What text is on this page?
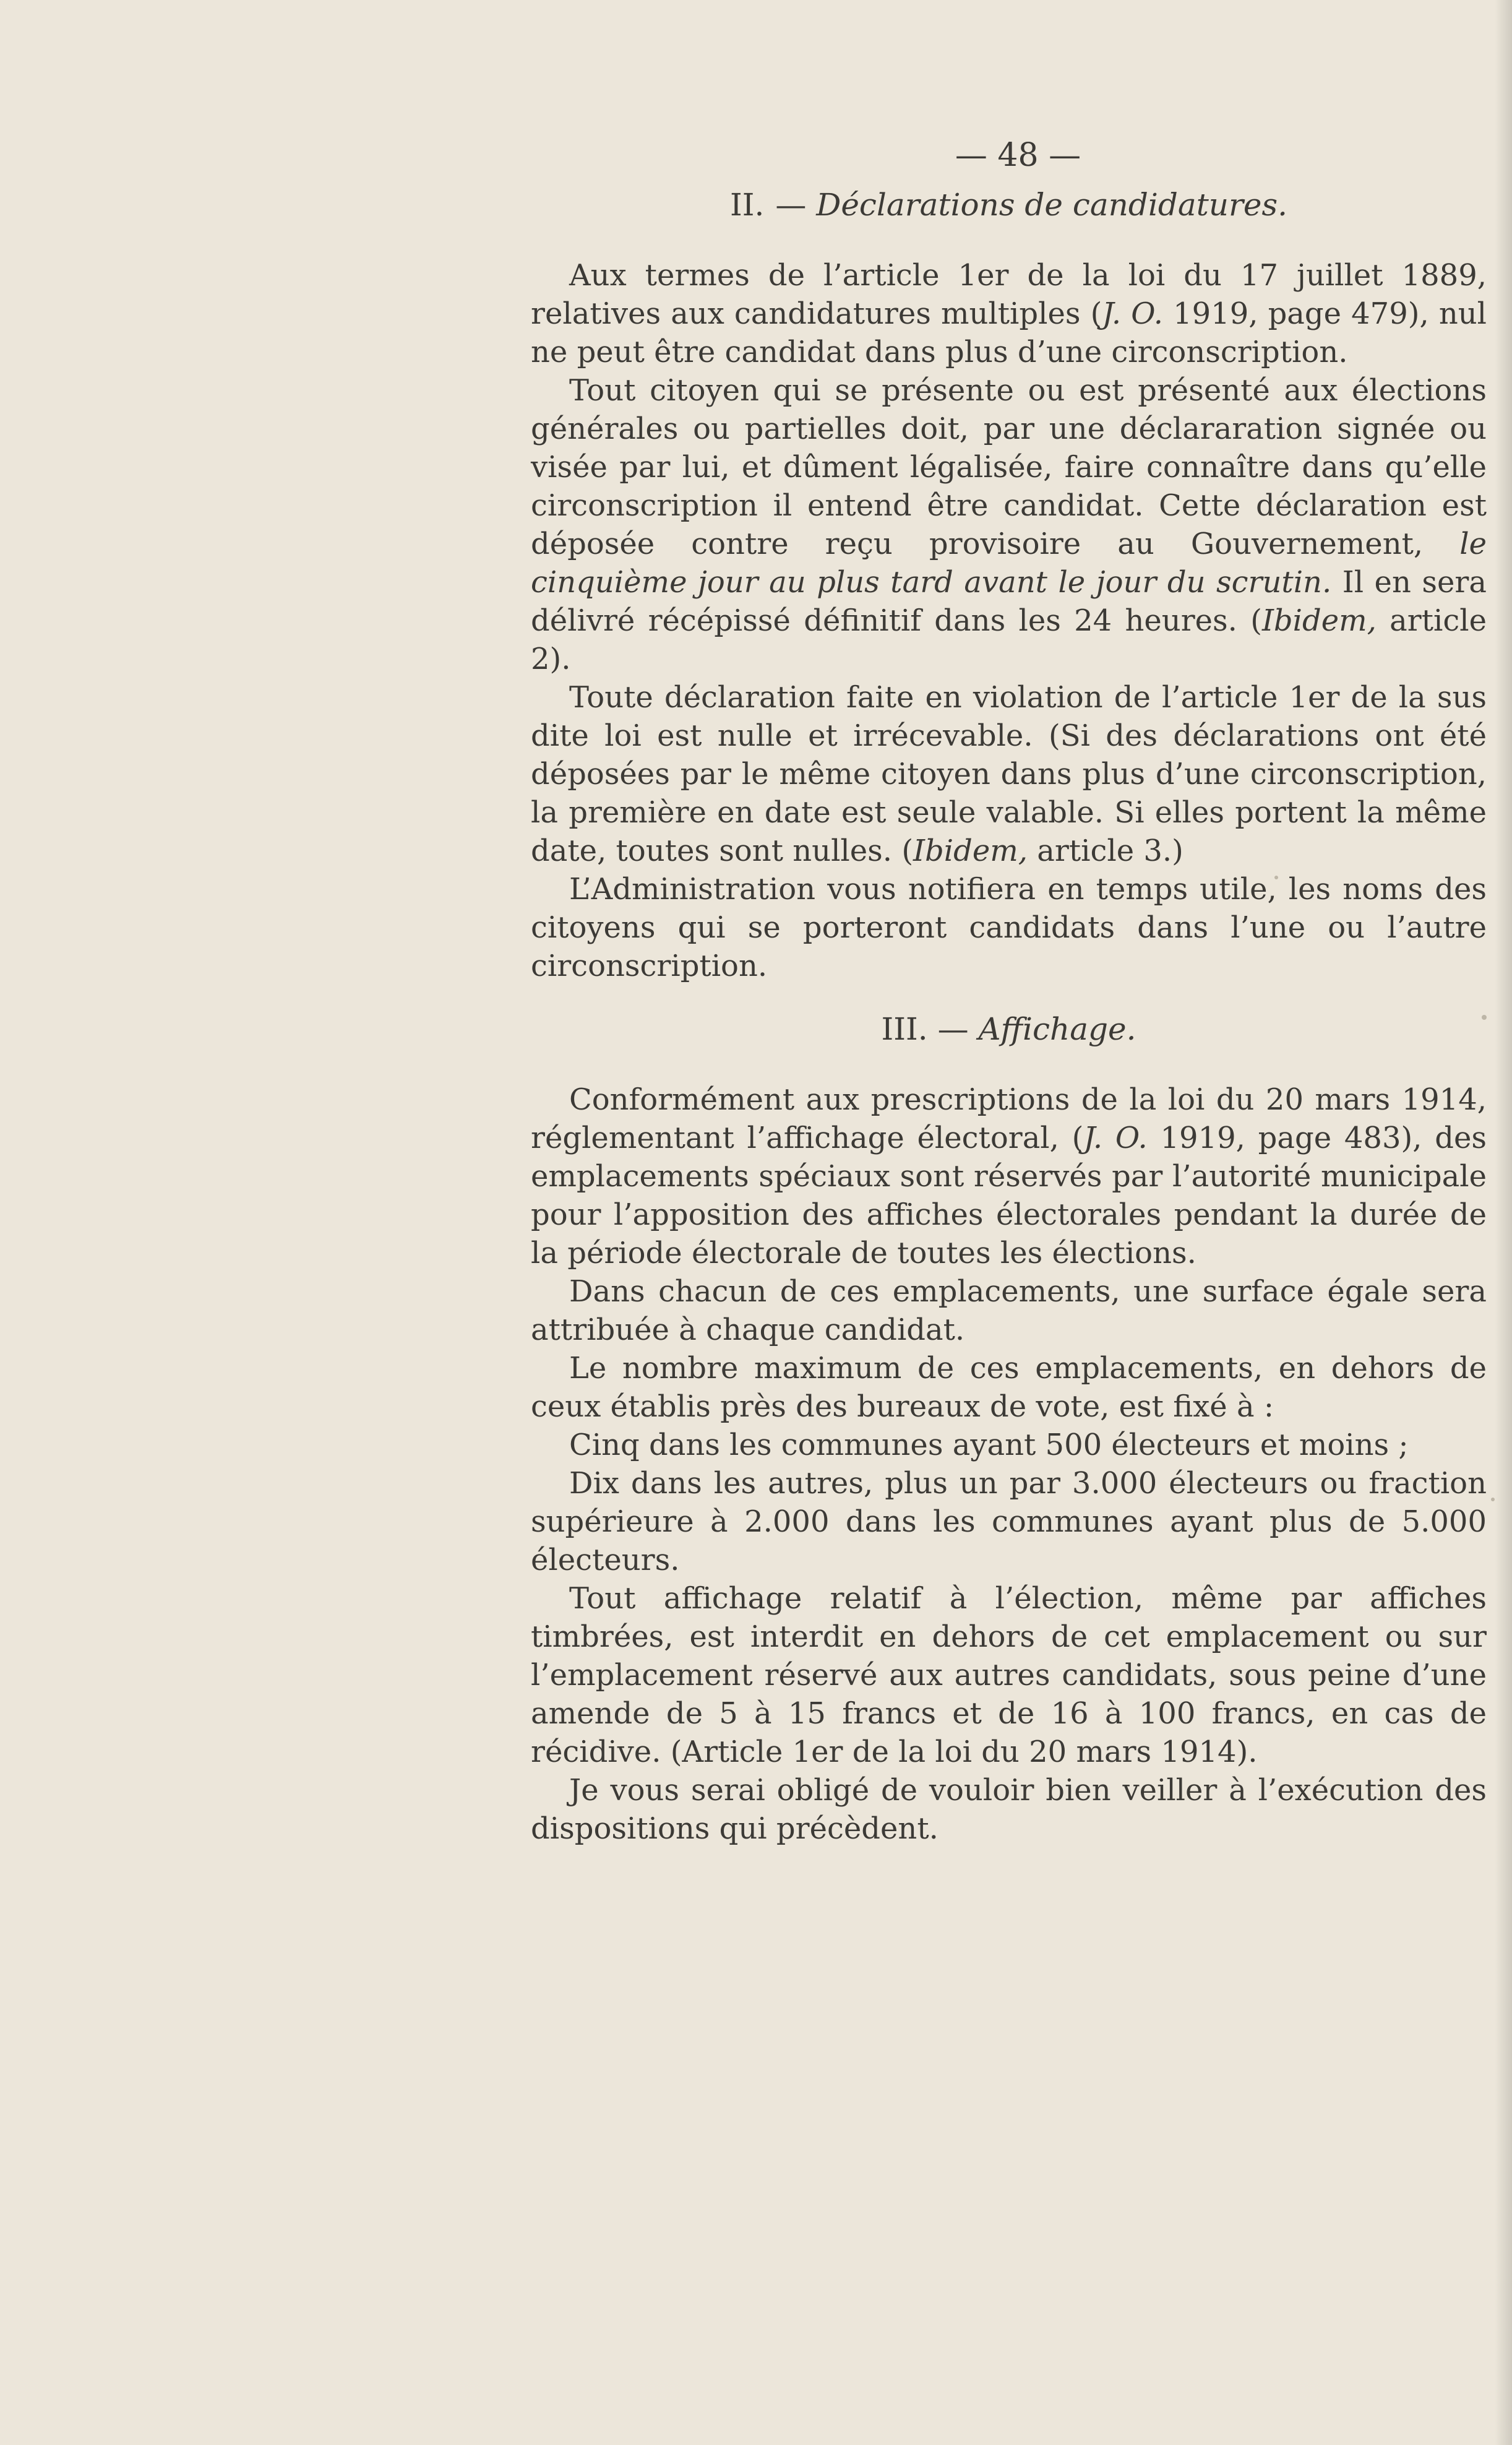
— 48 —
II. — Déclarations de candidatures.

Aux termes de l’article 1er de la loi du 17 juillet 1889, relatives aux candidatures multiples (J. O. 1919, page 479), nul ne peut être candidat dans plus d’une circonscription.

Tout citoyen qui se présente ou est présenté aux élections générales ou partielles doit, par une déclararation signée ou visée par lui, et dûment légalisée, faire connaître dans qu’elle circonscription il entend être candidat. Cette déclaration est déposée contre reçu provisoire au Gouvernement, le cinquième jour au plus tard avant le jour du scrutin. Il en sera délivré récépissé définitif dans les 24 heures. (Ibidem, article 2).

Toute déclaration faite en violation de l’article 1er de la sus dite loi est nulle et irrécevable. (Si des déclarations ont été déposées par le même citoyen dans plus d’une circonscription, la première en date est seule valable. Si elles portent la même date, toutes sont nulles. (Ibidem, article 3.)

L’Administration vous notifiera en temps utile, les noms des citoyens qui se porteront candidats dans l’une ou l’autre circonscription.

III. — Affichage.

Conformément aux prescriptions de la loi du 20 mars 1914, réglementant l’affichage électoral, (J. O. 1919, page 483), des emplacements spéciaux sont réservés par l’autorité municipale pour l’apposition des affiches électorales pendant la durée de la période électorale de toutes les élections.

Dans chacun de ces emplacements, une surface égale sera attribuée à chaque candidat.

Le nombre maximum de ces emplacements, en dehors de ceux établis près des bureaux de vote, est fixé à :

Cinq dans les communes ayant 500 électeurs et moins ;

Dix dans les autres, plus un par 3.000 électeurs ou fraction supérieure à 2.000 dans les communes ayant plus de 5.000 électeurs.

Tout affichage relatif à l’élection, même par affiches timbrées, est interdit en dehors de cet emplacement ou sur l’emplacement réservé aux autres candidats, sous peine d’une amende de 5 à 15 francs et de 16 à 100 francs, en cas de récidive. (Article 1er de la loi du 20 mars 1914).

Je vous serai obligé de vouloir bien veiller à l’exécution des dispositions qui précèdent.
